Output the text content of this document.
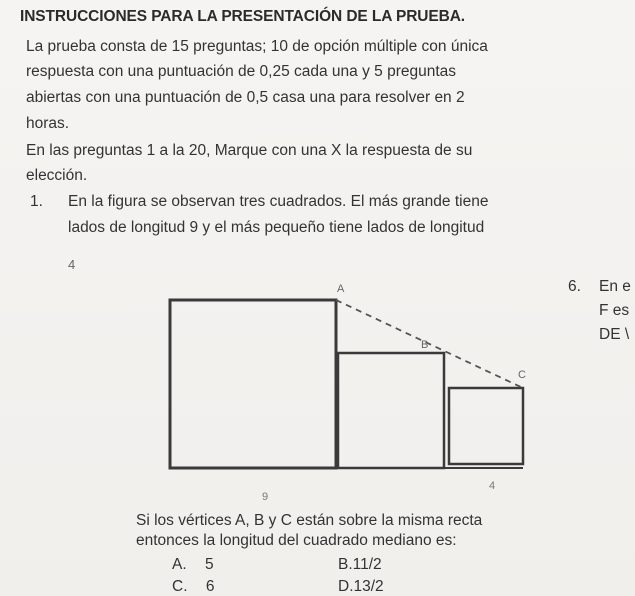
INSTRUCCIONES PARA LA PRESENTACIÓN DE LA PRUEBA.
La prueba consta de 15 preguntas; 10 de opción múltiple con única
respuesta con una puntuación de 0,25 cada una y 5 preguntas
abiertas con una puntuación de 0,5 casa una para resolver en 2
horas.
En las preguntas 1 a la 20, Marque con una X la respuesta de su
elección.
1. En la figura se observan tres cuadrados. El más grande tiene
lados de longitud 9 y el más pequeño tiene lados de longitud
4
A
B
C
9
4
Si los vértices A, B y C están sobre la misma recta
entonces la longitud del cuadrado mediano es:
A. 5	B.11/2
C. 6	D.13/2
6. En e
F es
DE \
